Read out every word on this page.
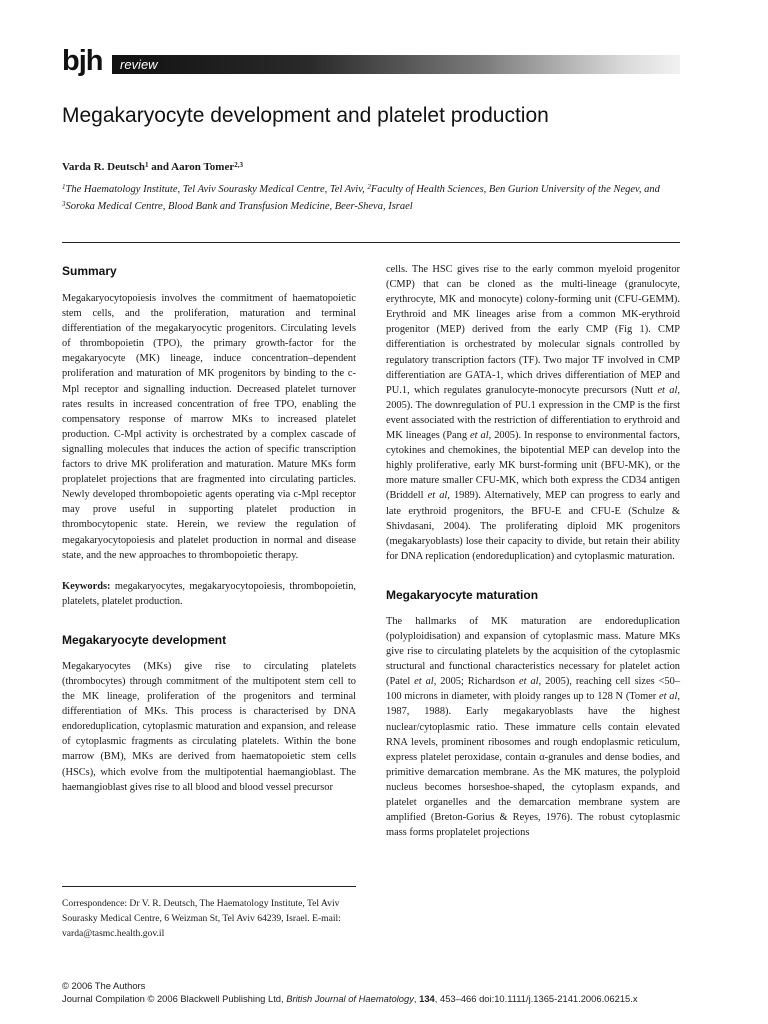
bjh review
Megakaryocyte development and platelet production
Varda R. Deutsch$^1$ and Aaron Tomer$^{2,3}$
$^1$The Haematology Institute, Tel Aviv Sourasky Medical Centre, Tel Aviv, $^2$Faculty of Health Sciences, Ben Gurion University of the Negev, and $^3$Soroka Medical Centre, Blood Bank and Transfusion Medicine, Beer-Sheva, Israel
Summary

Megakaryocytopoiesis involves the commitment of haematopoietic stem cells, and the proliferation, maturation and terminal differentiation of the megakaryocytic progenitors. Circulating levels of thrombopoietin (TPO), the primary growth-factor for the megakaryocyte (MK) lineage, induce concentration–dependent proliferation and maturation of MK progenitors by binding to the c-Mpl receptor and signalling induction. Decreased platelet turnover rates results in increased concentration of free TPO, enabling the compensatory response of marrow MKs to increased platelet production. C-Mpl activity is orchestrated by a complex cascade of signalling molecules that induces the action of specific transcription factors to drive MK proliferation and maturation. Mature MKs form proplatelet projections that are fragmented into circulating particles. Newly developed thrombopoietic agents operating via c-Mpl receptor may prove useful in supporting platelet production in thrombocytopenic state. Herein, we review the regulation of megakaryocytopoiesis and platelet production in normal and disease state, and the new approaches to thrombopoietic therapy.

Keywords: megakaryocytes, megakaryocytopoiesis, thrombopoietin, platelets, platelet production.

Megakaryocyte development

Megakaryocytes (MKs) give rise to circulating platelets (thrombocytes) through commitment of the multipotent stem cell to the MK lineage, proliferation of the progenitors and terminal differentiation of MKs. This process is characterised by DNA endoreduplication, cytoplasmic maturation and expansion, and release of cytoplasmic fragments as circulating platelets. Within the bone marrow (BM), MKs are derived from haematopoietic stem cells (HSCs), which evolve from the multipotential haemangioblast. The haemangioblast gives rise to all blood and blood vessel precursor

cells. The HSC gives rise to the early common myeloid progenitor (CMP) that can be cloned as the multi-lineage (granulocyte, erythrocyte, MK and monocyte) colony-forming unit (CFU-GEMM). Erythroid and MK lineages arise from a common MK-erythroid progenitor (MEP) derived from the early CMP (Fig 1). CMP differentiation is orchestrated by molecular signals controlled by regulatory transcription factors (TF). Two major TF involved in CMP differentiation are GATA-1, which drives differentiation of MEP and PU.1, which regulates granulocyte-monocyte precursors (Nutt et al, 2005). The downregulation of PU.1 expression in the CMP is the first event associated with the restriction of differentiation to erythroid and MK lineages (Pang et al, 2005). In response to environmental factors, cytokines and chemokines, the bipotential MEP can develop into the highly proliferative, early MK burst-forming unit (BFU-MK), or the more mature smaller CFU-MK, which both express the CD34 antigen (Briddell et al, 1989). Alternatively, MEP can progress to early and late erythroid progenitors, the BFU-E and CFU-E (Schulze & Shivdasani, 2004). The proliferating diploid MK progenitors (megakaryoblasts) lose their capacity to divide, but retain their ability for DNA replication (endoreduplication) and cytoplasmic maturation.

Megakaryocyte maturation

The hallmarks of MK maturation are endoreduplication (polyploidisation) and expansion of cytoplasmic mass. Mature MKs give rise to circulating platelets by the acquisition of the cytoplasmic structural and functional characteristics necessary for platelet action (Patel et al, 2005; Richardson et al, 2005), reaching cell sizes <50–100 microns in diameter, with ploidy ranges up to 128 N (Tomer et al, 1987, 1988). Early megakaryoblasts have the highest nuclear/cytoplasmic ratio. These immature cells contain elevated RNA levels, prominent ribosomes and rough endoplasmic reticulum, express platelet peroxidase, contain α-granules and dense bodies, and primitive demarcation membrane. As the MK matures, the polyploid nucleus becomes horseshoe-shaped, the cytoplasm expands, and platelet organelles and the demarcation membrane system are amplified (Breton-Gorius & Reyes, 1976). The robust cytoplasmic mass forms proplatelet projections

Correspondence: Dr V. R. Deutsch, The Haematology Institute, Tel Aviv Sourasky Medical Centre, 6 Weizman St, Tel Aviv 64239, Israel. E-mail: varda@tasmc.health.gov.il
© 2006 The Authors
Journal Compilation © 2006 Blackwell Publishing Ltd, British Journal of Haematology, 134, 453–466 doi:10.1111/j.1365-2141.2006.06215.x
